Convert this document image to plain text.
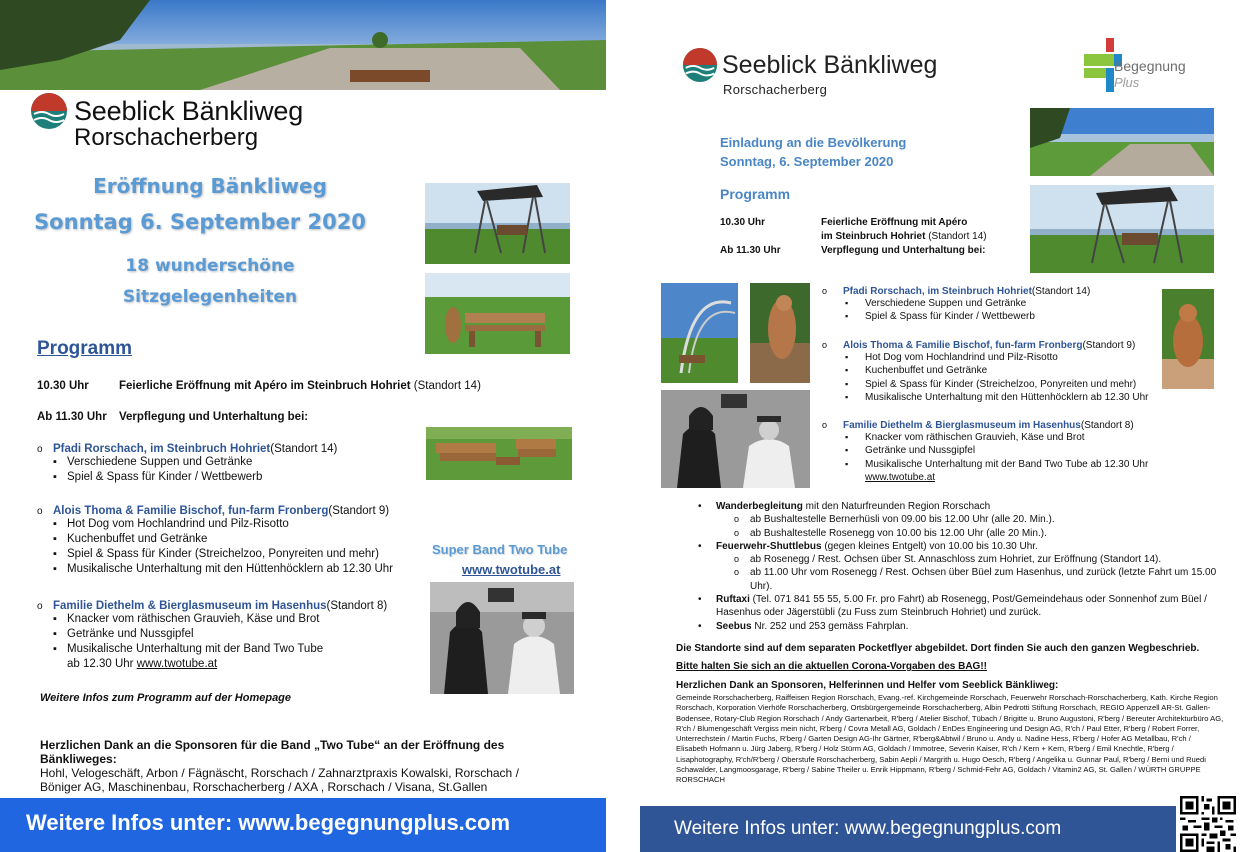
Seeblick Bänkliweg
Rorschacherberg
Eröffnung Bänkliweg
Sonntag 6. September 2020
18 wunderschöne
Sitzgelegenheiten
Programm
10.30 Uhr	Feierliche Eröffnung mit Apéro im Steinbruch Hohriet (Standort 14)
Ab 11.30 Uhr Verpflegung und Unterhaltung bei:
o Pfadi Rorschach, im Steinbruch Hohriet (Standort 14)
▪ Verschiedene Suppen und Getränke
▪ Spiel & Spass für Kinder / Wettbewerb
o Alois Thoma & Familie Bischof, fun-farm Fronberg (Standort 9)
▪ Hot Dog vom Hochlandrind und Pilz-Risotto
▪ Kuchenbuffet und Getränke
▪ Spiel & Spass für Kinder (Streichelzoo, Ponyreiten und mehr)
▪ Musikalische Unterhaltung mit den Hüttenhöcklern ab 12.30 Uhr
Super Band Two Tube
www.twotube.at
o Familie Diethelm & Bierglasmuseum im Hasenhus (Standort 8)
▪ Knacker vom räthischen Grauvieh, Käse und Brot
▪ Getränke und Nussgipfel
▪ Musikalische Unterhaltung mit der Band Two Tube
ab 12.30 Uhr www.twotube.at
Weitere Infos zum Programm auf der Homepage
Herzlichen Dank an die Sponsoren für die Band „Two Tube“ an der Eröffnung des Bänkliweges:
Hohl, Velogeschäft, Arbon / Fägnäscht, Rorschach / Zahnarztpraxis Kowalski, Rorschach /
Böniger AG, Maschinenbau, Rorschacherberg / AXA , Rorschach / Visana, St.Gallen
Weitere Infos unter: www.begegnungplus.com
Seeblick Bänkliweg
Rorschacherberg
Begegnung
Plus
Einladung an die Bevölkerung
Sonntag, 6. September 2020
Programm
10.30 Uhr	Feierliche Eröffnung mit Apéro
im Steinbruch Hohriet (Standort 14)
Ab 11.30 Uhr	Verpflegung und Unterhaltung bei:
o	Pfadi Rorschach, im Steinbruch Hohriet (Standort 14)
▪ Verschiedene Suppen und Getränke
▪ Spiel & Spass für Kinder / Wettbewerb
o	Alois Thoma & Familie Bischof, fun-farm Fronberg (Standort 9)
▪ Hot Dog vom Hochlandrind und Pilz-Risotto
▪ Kuchenbuffet und Getränke
▪ Spiel & Spass für Kinder (Streichelzoo, Ponyreiten und mehr)
▪ Musikalische Unterhaltung mit den Hüttenhöcklern ab 12.30 Uhr
o	Familie Diethelm & Bierglasmuseum im Hasenhus (Standort 8)
▪ Knacker vom räthischen Grauvieh, Käse und Brot
▪ Getränke und Nussgipfel
▪ Musikalische Unterhaltung mit der Band Two Tube ab 12.30 Uhr
www.twotube.at
• Wanderbegleitung mit den Naturfreunden Region Rorschach
o ab Bushaltestelle Bernerhüsli von 09.00 bis 12.00 Uhr (alle 20. Min.).
o ab Bushaltestelle Rosenegg von 10.00 bis 12.00 Uhr (alle 20 Min.).
• Feuerwehr-Shuttlebus (gegen kleines Entgelt) von 10.00 bis 10.30 Uhr.
o ab Rosenegg / Rest. Ochsen über St. Annaschloss zum Hohriet, zur Eröffnung (Standort 14).
o ab 11.00 Uhr vom Rosenegg / Rest. Ochsen über Büel zum Hasenhus, und zurück (letzte Fahrt um 15.00 Uhr).
• Ruftaxi (Tel. 071 841 55 55, 5.00 Fr. pro Fahrt) ab Rosenegg, Post/Gemeindehaus oder Sonnenhof zum Büel / Hasenhus oder Jägerstübli (zu Fuss zum Steinbruch Hohriet) und zurück.
• Seebus Nr. 252 und 253 gemäss Fahrplan.
Die Standorte sind auf dem separaten Pocketflyer abgebildet. Dort finden Sie auch den ganzen Wegbeschrieb.
Bitte halten Sie sich an die aktuellen Corona-Vorgaben des BAG!!
Herzlichen Dank an Sponsoren, Helferinnen und Helfer vom Seeblick Bänkliweg:
Gemeinde Rorschacherberg, Raiffeisen Region Rorschach, Evang.-ref. Kirchgemeinde Rorschach, Feuerwehr Rorschach-Rorschacherberg, Kath. Kirche Region Rorschach, Korporation Vierhöfe Rorschacherberg, Ortsbürgergemeinde Rorschacherberg, Albin Pedrotti Stiftung Rorschach, REGIO Appenzell AR-St. Gallen- Bodensee, Rotary-Club Region Rorschach / Andy Gartenarbeit, R'berg / Atelier Bischof, Tübach / Brigitte u. Bruno Augustoni, R'berg / Bereuter Architekturbüro AG, R'ch / Blumengeschäft Vergiss mein nicht, R'berg / Covra Metall AG, Goldach / EnDes Engineering und Design AG, R'ch / Paul Etter, R'berg / Robert Forrer, Unterrechstein / Martin Fuchs, R'berg / Garten Design AG-Ihr Gärtner, R'berg&Abtwil / Bruno u. Andy u. Nadine Hess, R'berg / Hofer AG Metallbau, R'ch / Elisabeth Hofmann u. Jürg Jaberg, R'berg / Holz Stürm AG, Goldach / Immotree, Severin Kaiser, R'ch / Kern + Kern, R'berg / Emil Knechtle, R'berg / Lisaphotography, R'ch/R'berg / Oberstufe Rorschacherberg, Sabin Aepli / Margrith u. Hugo Oesch, R'berg / Angelika u. Gunnar Paul, R'berg / Berni und Ruedi Schawalder, Langmoosgarage, R'berg / Sabine Theiler u. Enrik Hippmann, R'berg / Schmid-Fehr AG, Goldach / Vitamin2 AG, St. Gallen / WÜRTH GRUPPE RORSCHACH
Weitere Infos unter: www.begegnungplus.com
